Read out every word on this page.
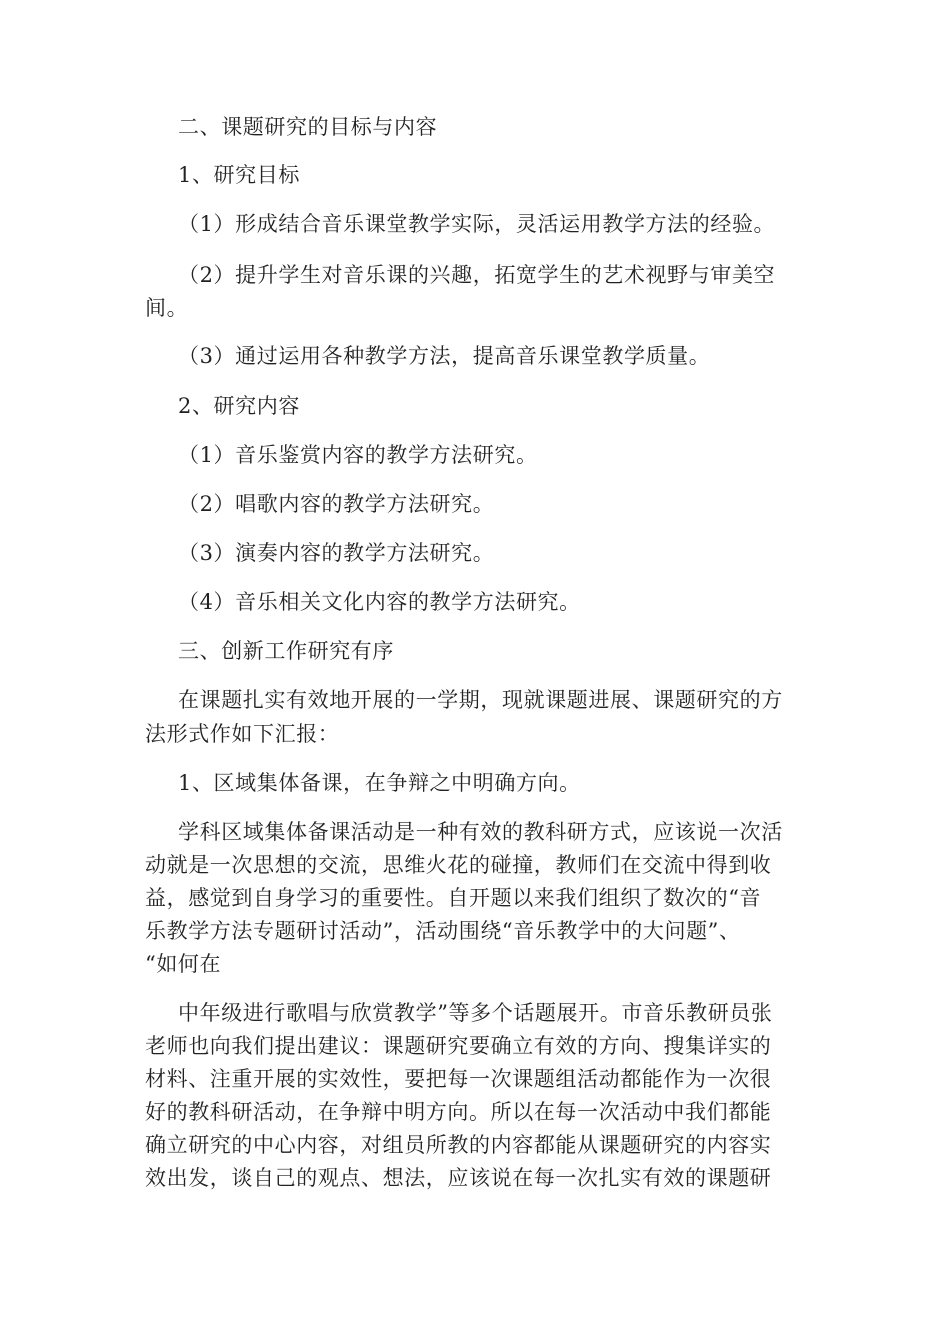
二、课题研究的目标与内容
1、研究目标
（1）形成结合音乐课堂教学实际，灵活运用教学方法的经验。
（2）提升学生对音乐课的兴趣，拓宽学生的艺术视野与审美空
间。
（3）通过运用各种教学方法，提高音乐课堂教学质量。
2、研究内容
（1）音乐鉴赏内容的教学方法研究。
（2）唱歌内容的教学方法研究。
（3）演奏内容的教学方法研究。
（4）音乐相关文化内容的教学方法研究。
三、创新工作研究有序
在课题扎实有效地开展的一学期，现就课题进展、课题研究的方
法形式作如下汇报：
1、区域集体备课，在争辩之中明确方向。
学科区域集体备课活动是一种有效的教科研方式，应该说一次活
动就是一次思想的交流，思维火花的碰撞，教师们在交流中得到收
益，感觉到自身学习的重要性。自开题以来我们组织了数次的“音
乐教学方法专题研讨活动”，活动围绕“音乐教学中的大问题”、
“如何在
中年级进行歌唱与欣赏教学”等多个话题展开。市音乐教研员张
老师也向我们提出建议：课题研究要确立有效的方向、搜集详实的
材料、注重开展的实效性，要把每一次课题组活动都能作为一次很
好的教科研活动，在争辩中明方向。所以在每一次活动中我们都能
确立研究的中心内容，对组员所教的内容都能从课题研究的内容实
效出发，谈自己的观点、想法，应该说在每一次扎实有效的课题研
